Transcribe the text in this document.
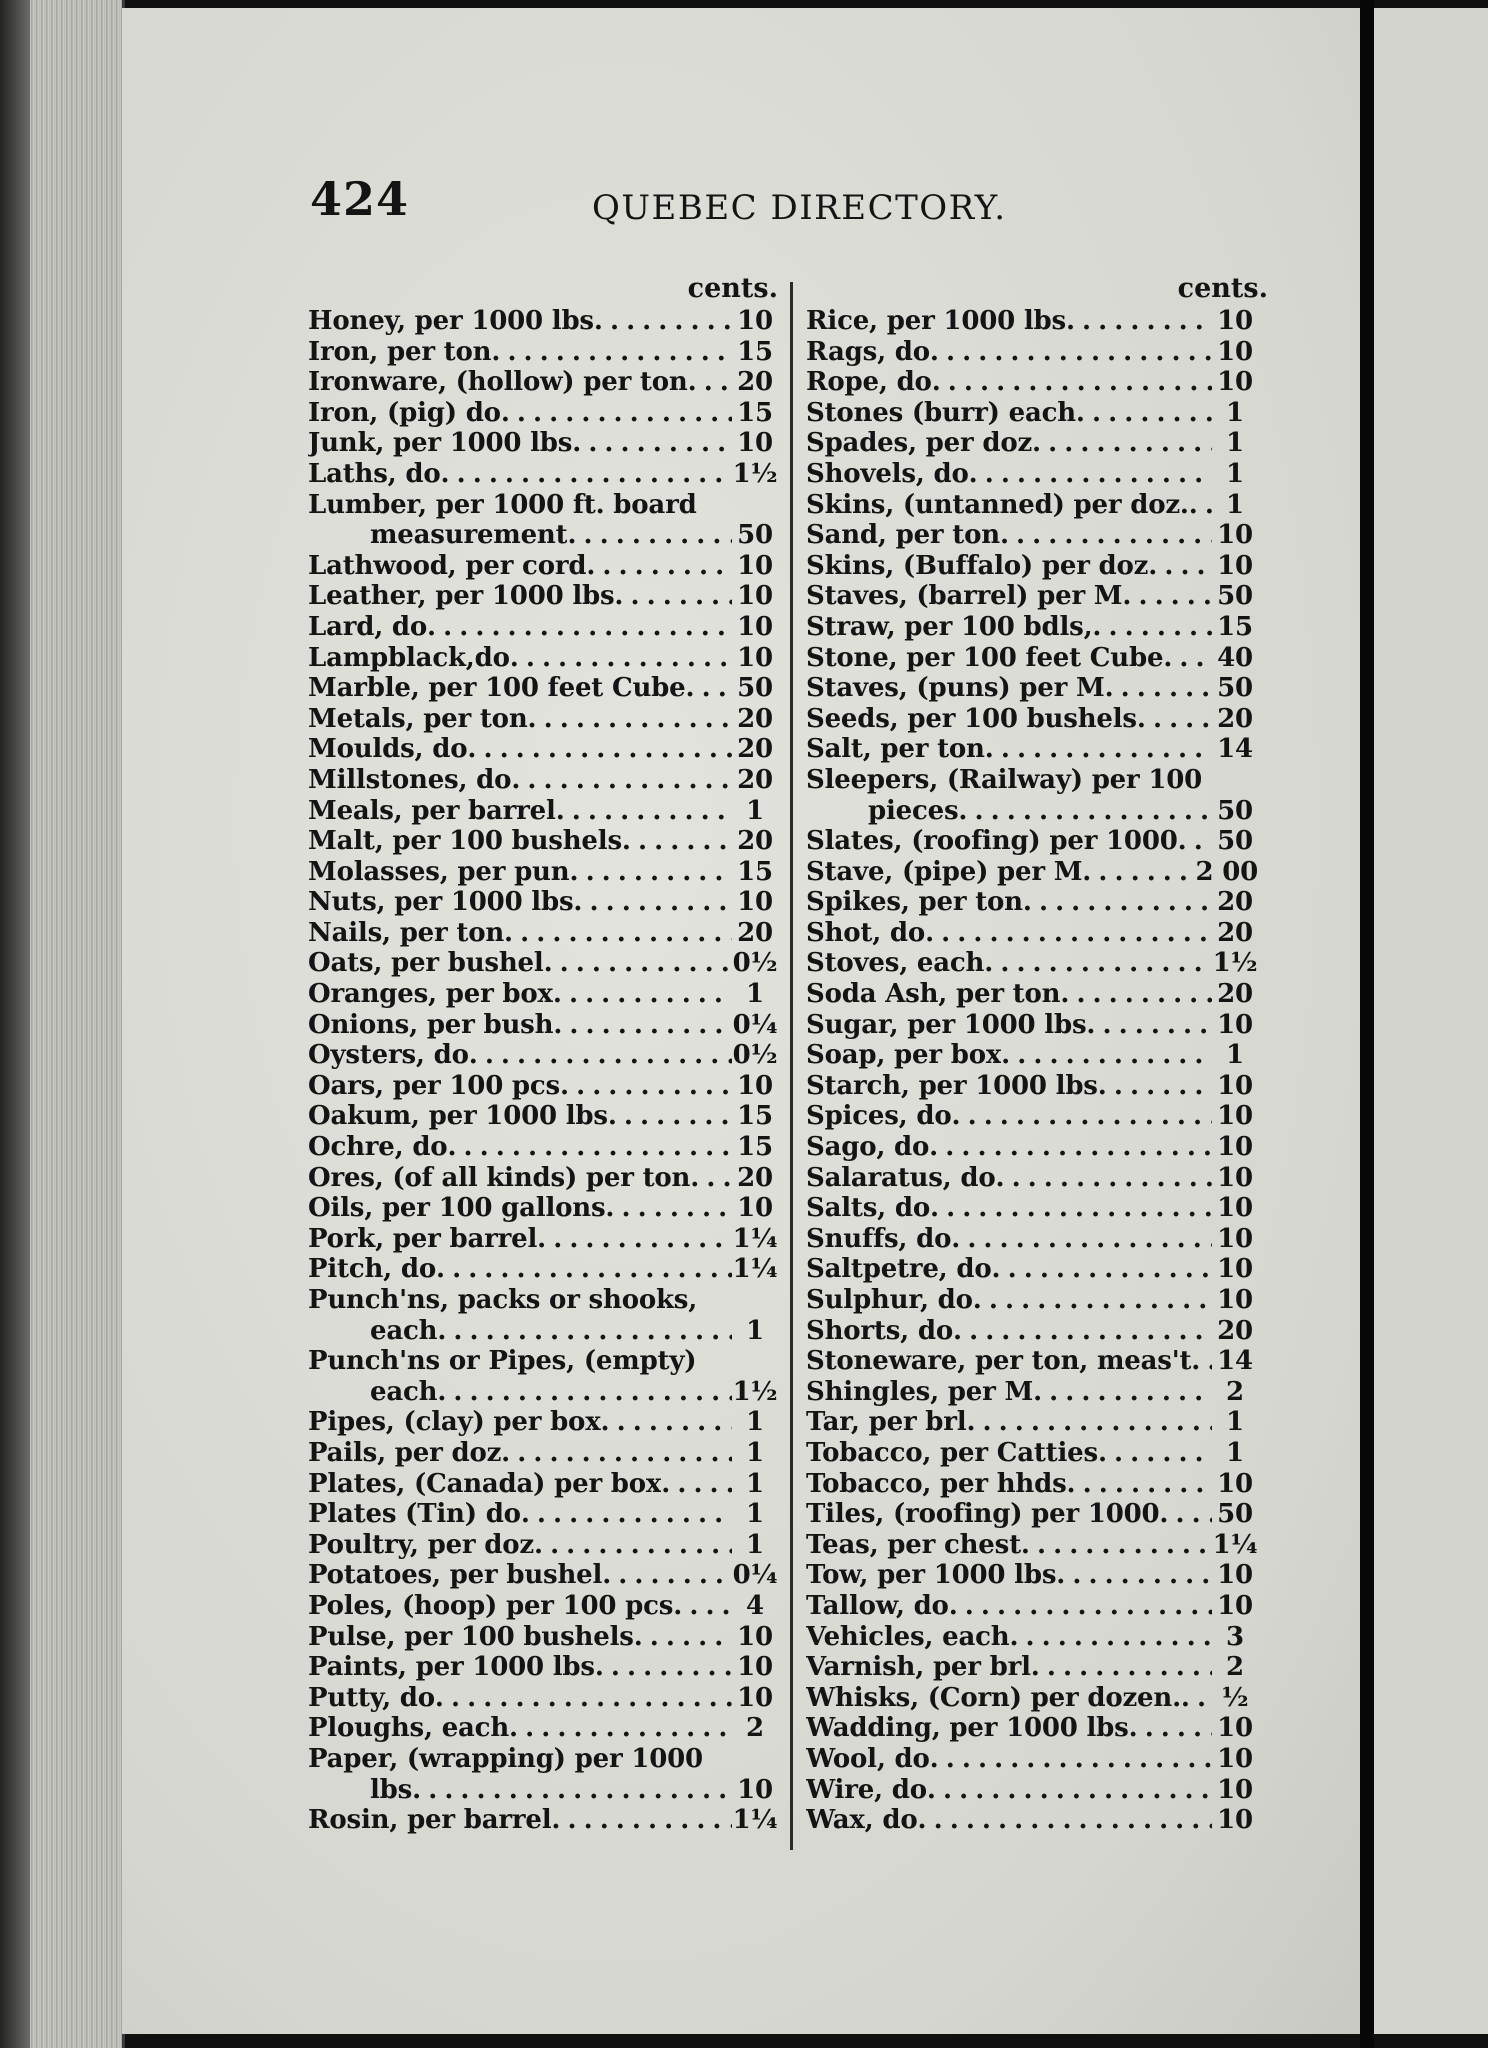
424	QUEBEC DIRECTORY.
cents.
Honey, per 1000 lbs . . .	10
Iron, per ton . . .	15
Ironware, (hollow) per ton . . . 20
Iron, (pig) do . . .	15
Junk, per 1000 lbs . . .	10
Laths, do . . .	1½
Lumber, per 1000 ft. board
measurement . . .	50
Lathwood, per cord . . .	10
Leather, per 1000 lbs . . .	10
Lard, do . . .	10
Lampblack,do . . .	10
Marble, per 100 feet Cube . . . 50
Metals, per ton . . .	20
Moulds, do . . .	20
Millstones, do . . .	20
Meals, per barrel . . .	1
Malt, per 100 bushels . . .	20
Molasses, per pun . . .	15
Nuts, per 1000 lbs . . .	10
Nails, per ton . . .	20
Oats, per bushel . . .	0½
Oranges, per box . . .	1
Onions, per bush . . .	0¼
Oysters, do . . .	0½
Oars, per 100 pcs . . .	10
Oakum, per 1000 lbs . . .	15
Ochre, do . . .	15
Ores, (of all kinds) per ton . . . 20
Oils, per 100 gallons . . .	10
Pork, per barrel . . .	1¼
Pitch, do . . .	1¼
Punch'ns, packs or shooks,
each . . .	1
Punch'ns or Pipes, (empty)
each . . .	1½
Pipes, (clay) per box . . .	1
Pails, per doz . . .	1
Plates, (Canada) per box . . .	1
Plates (Tin) do . . .	1
Poultry, per doz . . .	1
Potatoes, per bushel . . .	0¼
Poles, (hoop) per 100 pcs . . .	4
Pulse, per 100 bushels . . .	10
Paints, per 1000 lbs . . .	10
Putty, do . . .	10
Ploughs, each . . .	2
Paper, (wrapping) per 1000
lbs . . .	10
Rosin, per barrel . . .	1¼
cents.
Rice, per 1000 lbs . . .	10
Rags, do . . .	10
Rope, do . . .	10
Stones (burr) each . . .	1
Spades, per doz . . .	1
Shovels, do . . .	1
Skins, (untanned) per doz. . . .	1
Sand, per ton . . .	10
Skins, (Buffalo) per doz . . .	10
Staves, (barrel) per M . . .	50
Straw, per 100 bdls, . . .	15
Stone, per 100 feet Cube . . . 40
Staves, (puns) per M . . .	50
Seeds, per 100 bushels . . .	20
Salt, per ton . . .	14
Sleepers, (Railway) per 100
pieces . . .	50
Slates, (roofing) per 1000 . . . 50
Stave, (pipe) per M . . .	2 00
Spikes, per ton . . .	20
Shot, do . . .	20
Stoves, each . . .	1½
Soda Ash, per ton . . .	20
Sugar, per 1000 lbs . . .	10
Soap, per box . . .	1
Starch, per 1000 lbs . . .	10
Spices, do . . .	10
Sago, do . . .	10
Salaratus, do . . .	10
Salts, do . . .	10
Snuffs, do . . .	10
Saltpetre, do . . .	10
Sulphur, do . . .	10
Shorts, do . . .	20
Stoneware, per ton, meas't . . . 14
Shingles, per M . . .	2
Tar, per brl . . .	1
Tobacco, per Catties . . .	1
Tobacco, per hhds . . .	10
Tiles, (roofing) per 1000 . . . 50
Teas, per chest . . .	1¼
Tow, per 1000 lbs . . .	10
Tallow, do . . .	10
Vehicles, each . . .	3
Varnish, per brl . . .	2
Whisks, (Corn) per dozen. . . .	½
Wadding, per 1000 lbs . . .	10
Wool, do . . .	10
Wire, do . . .	10
Wax, do . . .	10
